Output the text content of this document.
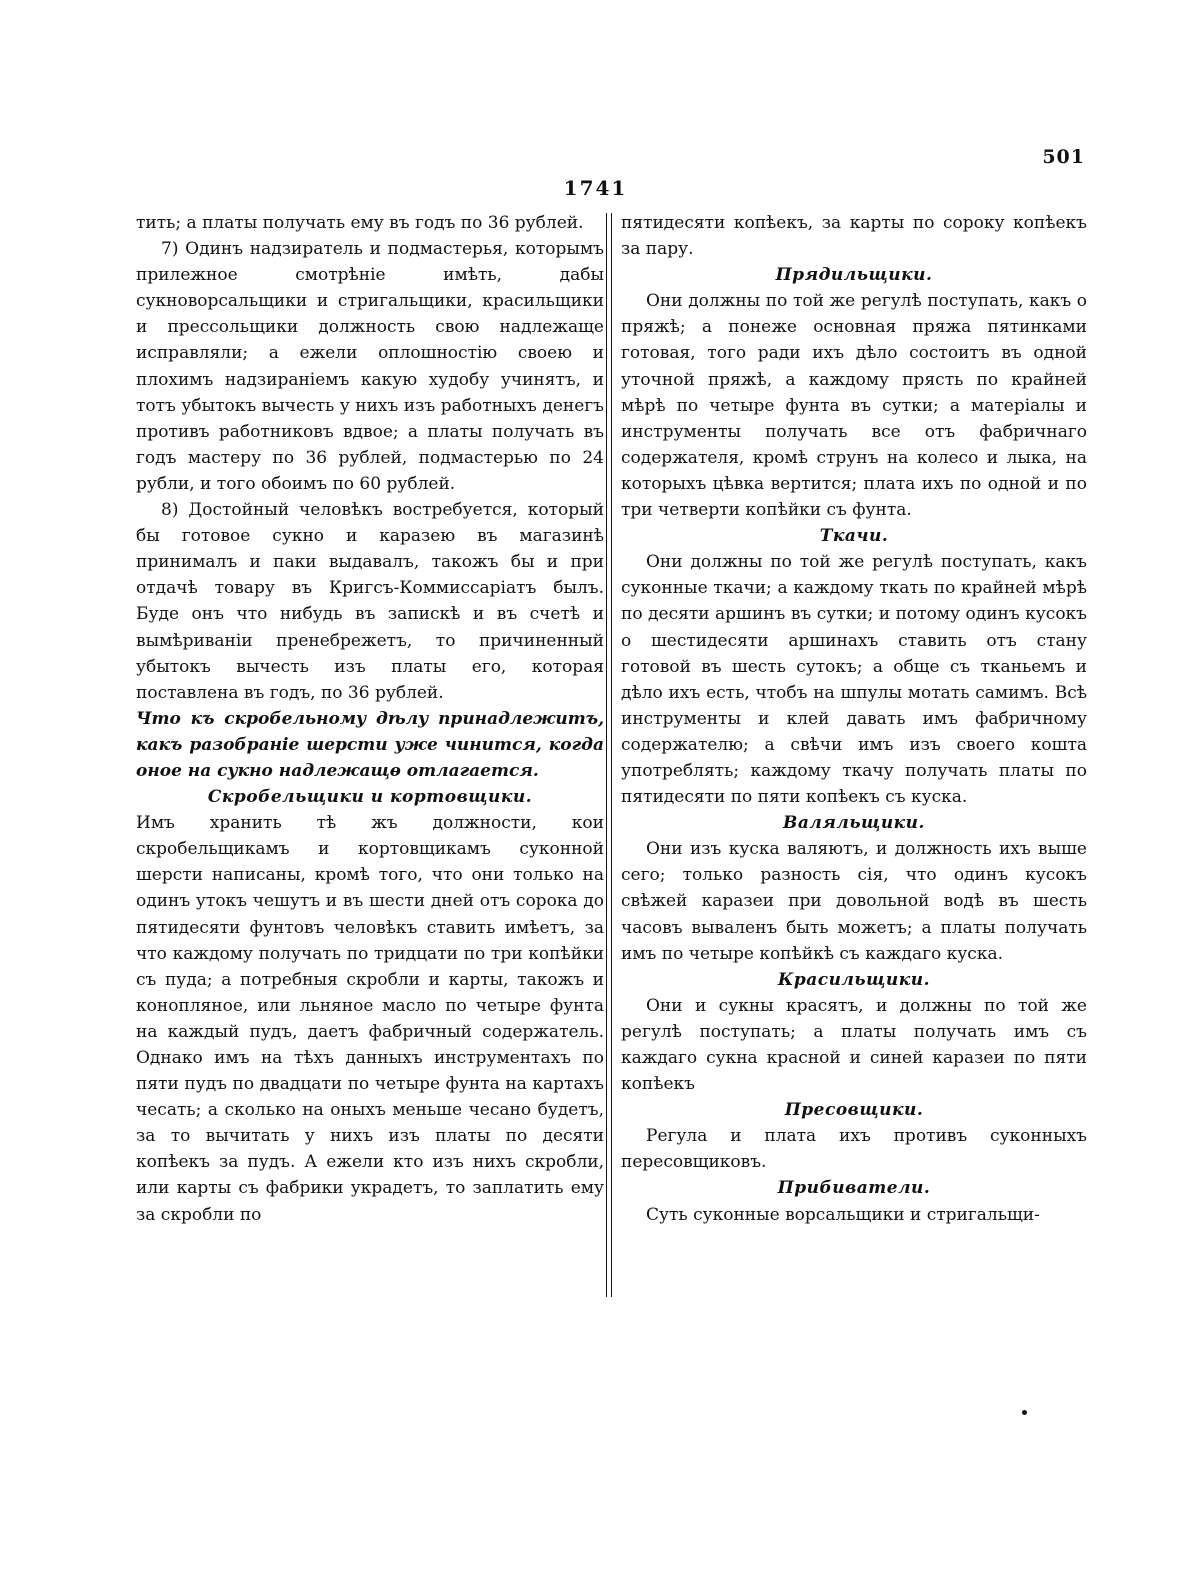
501
1741

тить; а платы получать ему въ годъ по 36 рублей.

7) Одинъ надзиратель и подмастерья, которымъ прилежное смотрѣніе имѣть, дабы сукноворсальщики и стригальщики, красильщики и прессольщики должность свою надлежаще исправляли; а ежели оплошностію своею и плохимъ надзираніемъ какую худобу учинятъ, и тотъ убытокъ вычесть у нихъ изъ работныхъ денегъ противъ работниковъ вдвое; а платы получать въ годъ мастеру по 36 рублей, подмастерью по 24 рубли, и того обоимъ по 60 рублей.

8) Достойный человѣкъ востребуется, который бы готовое сукно и каразею въ магазинѣ принималъ и паки выдавалъ, такожъ бы и при отдачѣ товару въ Кригсъ-Коммиссаріатъ былъ. Буде онъ что нибудь въ запискѣ и въ счетѣ и вымѣриваніи пренебрежетъ, то причиненный убытокъ вычесть изъ платы его, которая поставлена въ годъ, по 36 рублей.

Что къ скробельному дѣлу принадлежитъ, какъ разобраніе шерсти уже чинится, когда оное на сукно надлежащѳ отлагается.

Скробельщики и кортовщики.

Имъ хранить тѣ жъ должности, кои скробельщикамъ и кортовщикамъ суконной шерсти написаны, кромѣ того, что они только на одинъ утокъ чешутъ и въ шести дней отъ сорока до пятидесяти фунтовъ человѣкъ ставить имѣетъ, за что каждому получать по тридцати по три копѣйки съ пуда; а потребныя скробли и карты, такожъ и конопляное, или льняное масло по четыре фунта на каждый пудъ, даетъ фабричный содержатель. Однако имъ на тѣхъ данныхъ инструментахъ по пяти пудъ по двадцати по четыре фунта на картахъ чесать; а сколько на оныхъ меньше чесано будетъ, за то вычитать у нихъ изъ платы по десяти копѣекъ за пудъ. А ежели кто изъ нихъ скробли, или карты съ фабрики украдетъ, то заплатить ему за скробли по

пятидесяти копѣекъ, за карты по сороку копѣекъ за пару.

Прядильщики.

Они должны по той же регулѣ поступать, какъ о пряжѣ; а понеже основная пряжа пятинками готовая, того ради ихъ дѣло состоитъ въ одной уточной пряжѣ, а каждому прясть по крайней мѣрѣ по четыре фунта въ сутки; а матеріалы и инструменты получать все отъ фабричнаго содержателя, кромѣ струнъ на колесо и лыка, на которыхъ цѣвка вертится; плата ихъ по одной и по три четверти копѣйки съ фунта.

Ткачи.

Они должны по той же регулѣ поступать, какъ суконные ткачи; а каждому ткать по крайней мѣрѣ по десяти аршинъ въ сутки; и потому одинъ кусокъ о шестидесяти аршинахъ ставить отъ стану готовой въ шесть сутокъ; а обще съ тканьемъ и дѣло ихъ есть, чтобъ на шпулы мотать самимъ. Всѣ инструменты и клей давать имъ фабричному содержателю; а свѣчи имъ изъ своего кошта употреблять; каждому ткачу получать платы по пятидесяти по пяти копѣекъ съ куска.

Валяльщики.

Они изъ куска валяютъ, и должность ихъ выше сего; только разность сія, что одинъ кусокъ свѣжей каразеи при довольной водѣ въ шесть часовъ вываленъ быть можетъ; а платы получать имъ по четыре копѣйкѣ съ каждаго куска.

Красильщики.

Они и сукны красятъ, и должны по той же регулѣ поступать; а платы получать имъ съ каждаго сукна красной и синей каразеи по пяти копѣекъ

Пресовщики.

Регула и плата ихъ противъ суконныхъ пересовщиковъ.

Прибиватели.

Суть суконные ворсальщики и стригальщи-
